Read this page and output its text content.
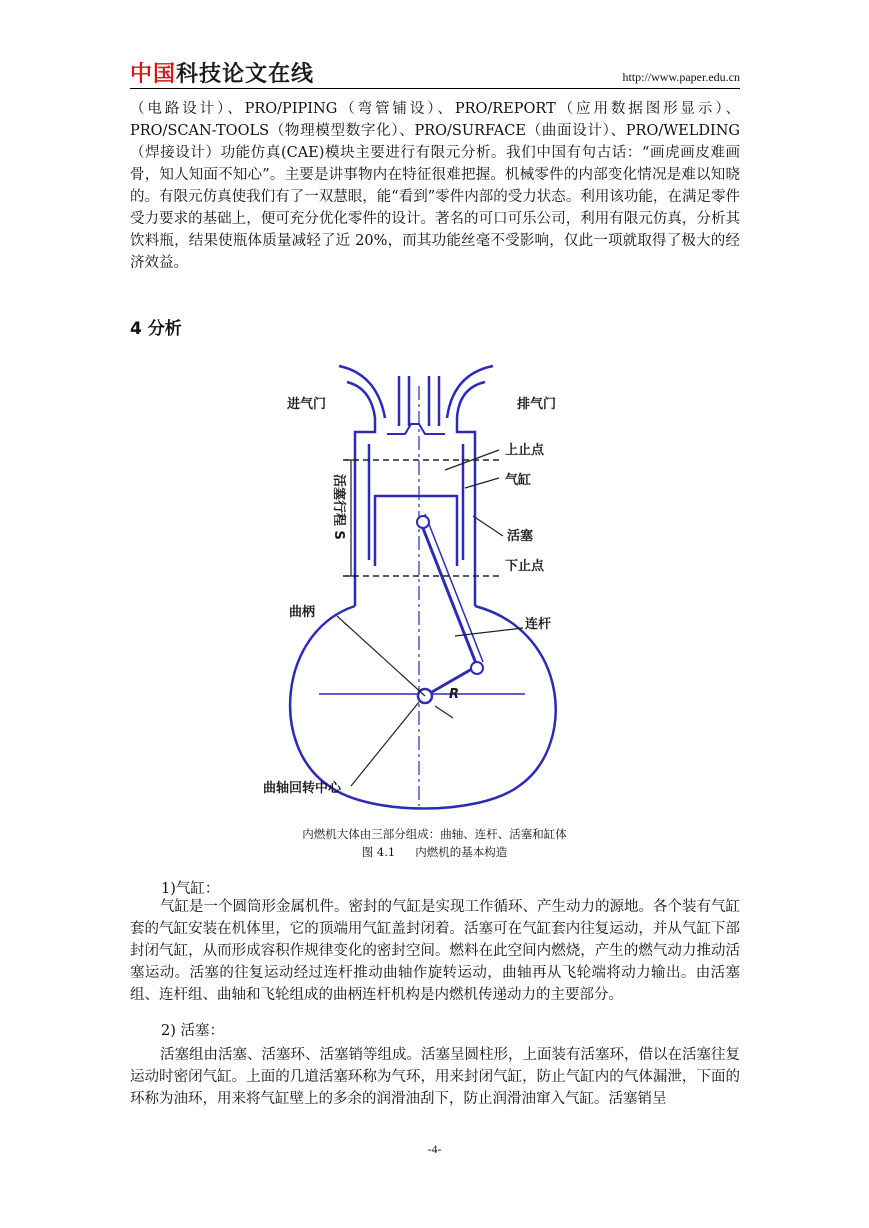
中国科技论文在线	http://www.paper.edu.cn

（电路设计）、PRO/PIPING（弯管铺设）、PRO/REPORT（应用数据图形显示）、PRO/SCAN-TOOLS（物理模型数字化）、PRO/SURFACE（曲面设计）、PRO/WELDING（焊接设计）功能仿真(CAE)模块主要进行有限元分析。我们中国有句古话：“画虎画皮难画骨，知人知面不知心”。主要是讲事物内在特征很难把握。机械零件的内部变化情况是难以知晓的。有限元仿真使我们有了一双慧眼，能“看到”零件内部的受力状态。利用该功能，在满足零件受力要求的基础上，便可充分优化零件的设计。著名的可口可乐公司，利用有限元仿真，分析其饮料瓶，结果使瓶体质量减轻了近 20%，而其功能丝毫不受影响，仅此一项就取得了极大的经济效益。

4 分析
进气门	排气门
上止点
气缸
活塞
下止点
活塞行程 S
曲柄
连杆
R
曲轴回转中心
内燃机大体由三部分组成：曲轴、连杆、活塞和缸体
图 4.1 内燃机的基本构造

1)气缸：

气缸是一个圆筒形金属机件。密封的气缸是实现工作循环、产生动力的源地。各个装有气缸套的气缸安装在机体里，它的顶端用气缸盖封闭着。活塞可在气缸套内往复运动，并从气缸下部封闭气缸，从而形成容积作规律变化的密封空间。燃料在此空间内燃烧，产生的燃气动力推动活塞运动。活塞的往复运动经过连杆推动曲轴作旋转运动，曲轴再从飞轮端将动力输出。由活塞组、连杆组、曲轴和飞轮组成的曲柄连杆机构是内燃机传递动力的主要部分。

2) 活塞：

活塞组由活塞、活塞环、活塞销等组成。活塞呈圆柱形，上面装有活塞环，借以在活塞往复运动时密闭气缸。上面的几道活塞环称为气环，用来封闭气缸，防止气缸内的气体漏泄，下面的环称为油环，用来将气缸壁上的多余的润滑油刮下，防止润滑油窜入气缸。活塞销呈

-4-
